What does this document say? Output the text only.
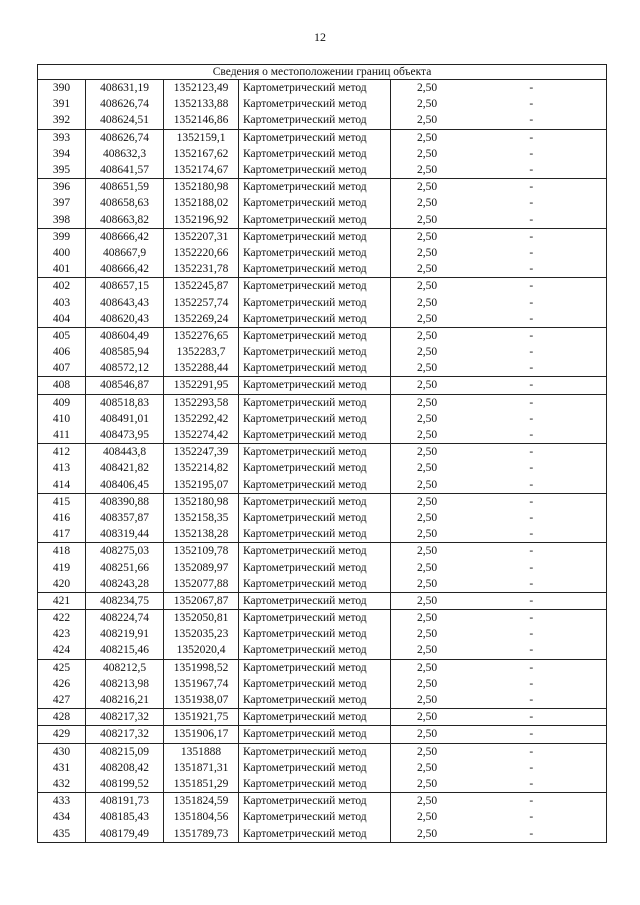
12
Сведения о местоположении границ объекта					
390	408631,19	1352123,49	Картометрический метод	2,50	-
391	408626,74	1352133,88	Картометрический метод	2,50	-
392	408624,51	1352146,86	Картометрический метод	2,50	-
393	408626,74	1352159,1	Картометрический метод	2,50	-
394	408632,3	1352167,62	Картометрический метод	2,50	-
395	408641,57	1352174,67	Картометрический метод	2,50	-
396	408651,59	1352180,98	Картометрический метод	2,50	-
397	408658,63	1352188,02	Картометрический метод	2,50	-
398	408663,82	1352196,92	Картометрический метод	2,50	-
399	408666,42	1352207,31	Картометрический метод	2,50	-
400	408667,9	1352220,66	Картометрический метод	2,50	-
401	408666,42	1352231,78	Картометрический метод	2,50	-
402	408657,15	1352245,87	Картометрический метод	2,50	-
403	408643,43	1352257,74	Картометрический метод	2,50	-
404	408620,43	1352269,24	Картометрический метод	2,50	-
405	408604,49	1352276,65	Картометрический метод	2,50	-
406	408585,94	1352283,7	Картометрический метод	2,50	-
407	408572,12	1352288,44	Картометрический метод	2,50	-
408	408546,87	1352291,95	Картометрический метод	2,50	-
409	408518,83	1352293,58	Картометрический метод	2,50	-
410	408491,01	1352292,42	Картометрический метод	2,50	-
411	408473,95	1352274,42	Картометрический метод	2,50	-
412	408443,8	1352247,39	Картометрический метод	2,50	-
413	408421,82	1352214,82	Картометрический метод	2,50	-
414	408406,45	1352195,07	Картометрический метод	2,50	-
415	408390,88	1352180,98	Картометрический метод	2,50	-
416	408357,87	1352158,35	Картометрический метод	2,50	-
417	408319,44	1352138,28	Картометрический метод	2,50	-
418	408275,03	1352109,78	Картометрический метод	2,50	-
419	408251,66	1352089,97	Картометрический метод	2,50	-
420	408243,28	1352077,88	Картометрический метод	2,50	-
421	408234,75	1352067,87	Картометрический метод	2,50	-
422	408224,74	1352050,81	Картометрический метод	2,50	-
423	408219,91	1352035,23	Картометрический метод	2,50	-
424	408215,46	1352020,4	Картометрический метод	2,50	-
425	408212,5	1351998,52	Картометрический метод	2,50	-
426	408213,98	1351967,74	Картометрический метод	2,50	-
427	408216,21	1351938,07	Картометрический метод	2,50	-
428	408217,32	1351921,75	Картометрический метод	2,50	-
429	408217,32	1351906,17	Картометрический метод	2,50	-
430	408215,09	1351888	Картометрический метод	2,50	-
431	408208,42	1351871,31	Картометрический метод	2,50	-
432	408199,52	1351851,29	Картометрический метод	2,50	-
433	408191,73	1351824,59	Картометрический метод	2,50	-
434	408185,43	1351804,56	Картометрический метод	2,50	-
435	408179,49	1351789,73	Картометрический метод	2,50	-
